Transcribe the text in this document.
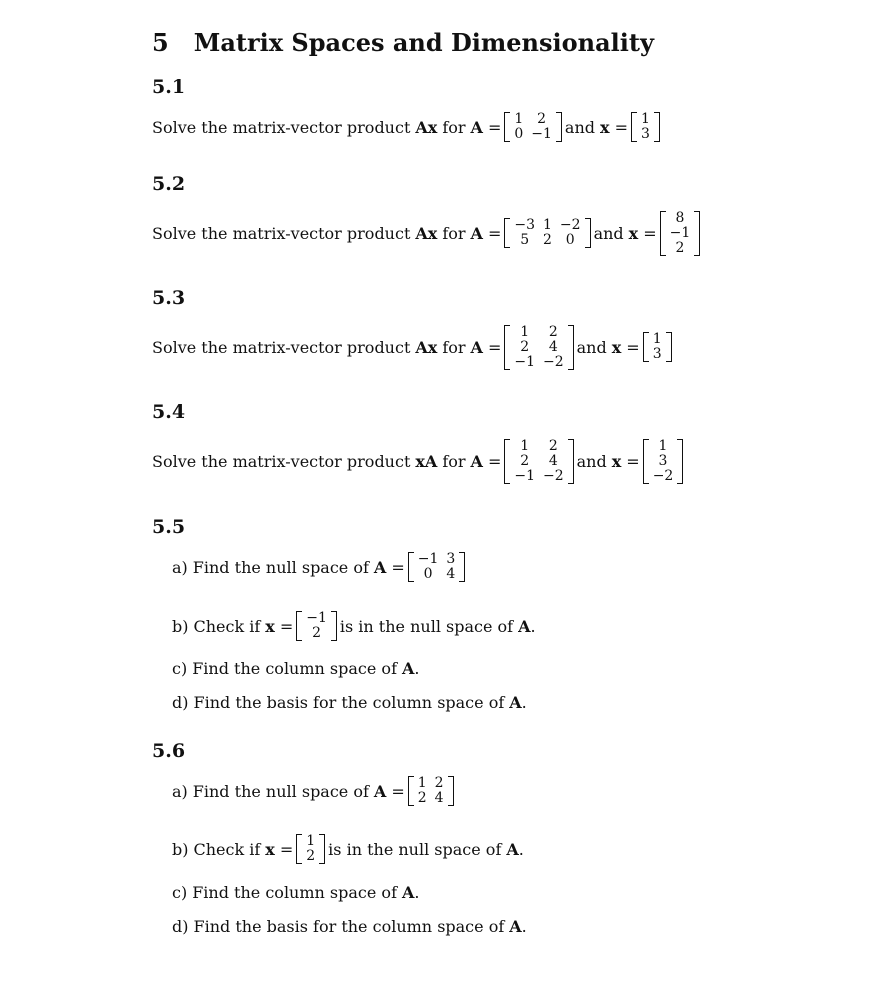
5 Matrix Spaces and Dimensionality
5.1
Solve the matrix-vector product Ax for A = 1	2
0	−1 and x = 1
3
5.2
Solve the matrix-vector product Ax for A = −3	1	−2
5	2	0 and x =
8
−1
2
5.3
Solve the matrix-vector product Ax for A =
1	2
2	4
−1	−2
and x = 1
3
5.4
Solve the matrix-vector product xA for A =
1	2
2	4
−1	−2
and x =
1
3
−2
5.5
a) Find the null space of A = −1	3
0	4
b) Check if x = −1
2 is in the null space of A .
c) Find the column space of A .
d) Find the basis for the column space of A .
5.6
a) Find the null space of A = 1	2
2	4
b) Check if x = 1
2 is in the null space of A .
c) Find the column space of A .
d) Find the basis for the column space of A .
